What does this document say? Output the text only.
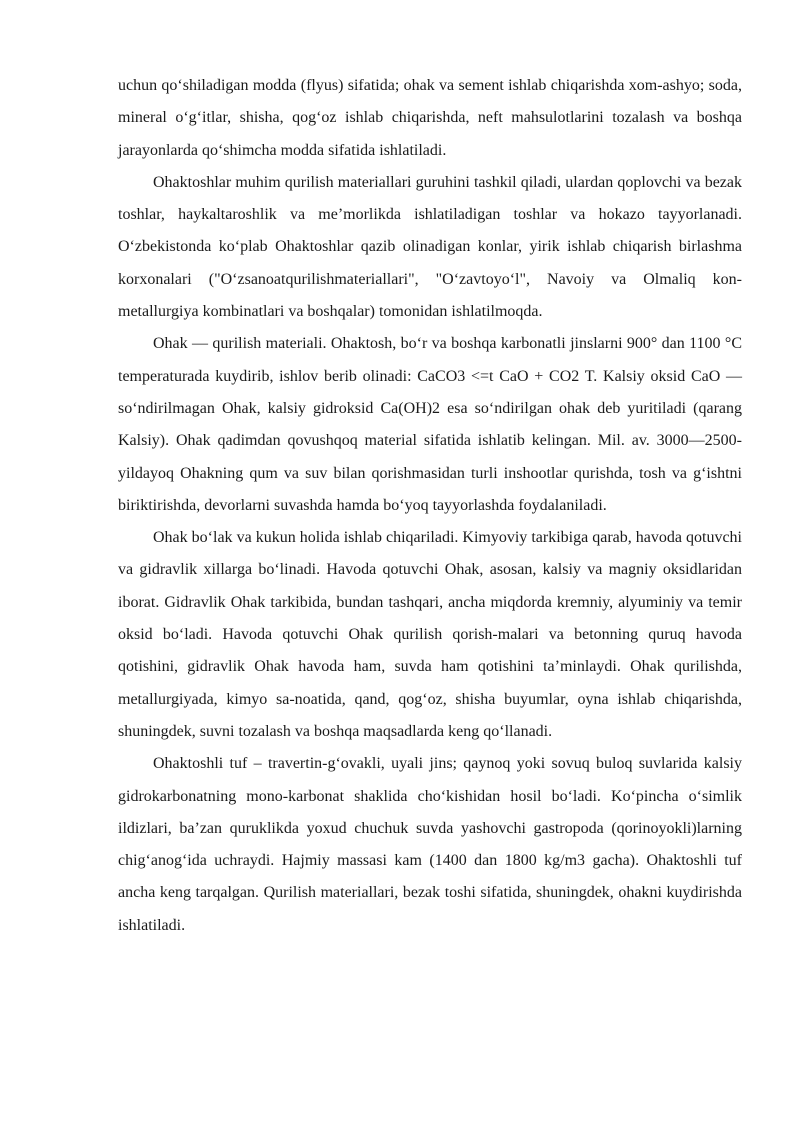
uchun qo‘shiladigan modda (flyus) sifatida; ohak va sement ishlab chiqarishda xom-ashyo; soda, mineral o‘g‘itlar, shisha, qog‘oz ishlab chiqarishda, neft mahsulotlarini tozalash va boshqa jarayonlarda qo‘shimcha modda sifatida ishlatiladi.

Ohaktoshlar muhim qurilish materiallari guruhini tashkil qiladi, ulardan qoplovchi va bezak toshlar, haykaltaroshlik va me’morlikda ishlatiladigan toshlar va hokazo tayyorlanadi. O‘zbekistonda ko‘plab Ohaktoshlar qazib olinadigan konlar, yirik ishlab chiqarish birlashma korxonalari ("O‘zsanoatqurilishmateriallari", "O‘zavtoyo‘l", Navoiy va Olmaliq kon-metallurgiya kombinatlari va boshqalar) tomonidan ishlatilmoqda.

Ohak — qurilish materiali. Ohaktosh, bo‘r va boshqa karbonatli jinslarni 900° dan 1100 °C temperaturada kuydirib, ishlov berib olinadi: CaCO3 <=t CaO + CO2 T. Kalsiy oksid CaO — so‘ndirilmagan Ohak, kalsiy gidroksid Ca(OH)2 esa so‘ndirilgan ohak deb yuritiladi (qarang Kalsiy). Ohak qadimdan qovushqoq material sifatida ishlatib kelingan. Mil. av. 3000—2500-yildayoq Ohakning qum va suv bilan qorishmasidan turli inshootlar qurishda, tosh va g‘ishtni biriktirishda, devorlarni suvashda hamda bo‘yoq tayyorlashda foydalaniladi.

Ohak bo‘lak va kukun holida ishlab chiqariladi. Kimyoviy tarkibiga qarab, havoda qotuvchi va gidravlik xillarga bo‘linadi. Havoda qotuvchi Ohak, asosan, kalsiy va magniy oksidlaridan iborat. Gidravlik Ohak tarkibida, bundan tashqari, ancha miqdorda kremniy, alyuminiy va temir oksid bo‘ladi. Havoda qotuvchi Ohak qurilish qorish-malari va betonning quruq havoda qotishini, gidravlik Ohak havoda ham, suvda ham qotishini ta’minlaydi. Ohak qurilishda, metallurgiyada, kimyo sa-noatida, qand, qog‘oz, shisha buyumlar, oyna ishlab chiqarishda, shuningdek, suvni tozalash va boshqa maqsadlarda keng qo‘llanadi.

Ohaktoshli tuf – travertin-g‘ovakli, uyali jins; qaynoq yoki sovuq buloq suvlarida kalsiy gidrokarbonatning mono-karbonat shaklida cho‘kishidan hosil bo‘ladi. Ko‘pincha o‘simlik ildizlari, ba’zan quruklikda yoxud chuchuk suvda yashovchi gastropoda (qorinoyokli)larning chig‘anog‘ida uchraydi. Hajmiy massasi kam (1400 dan 1800 kg/m3 gacha). Ohaktoshli tuf ancha keng tarqalgan. Qurilish materiallari, bezak toshi sifatida, shuningdek, ohakni kuydirishda ishlatiladi.
